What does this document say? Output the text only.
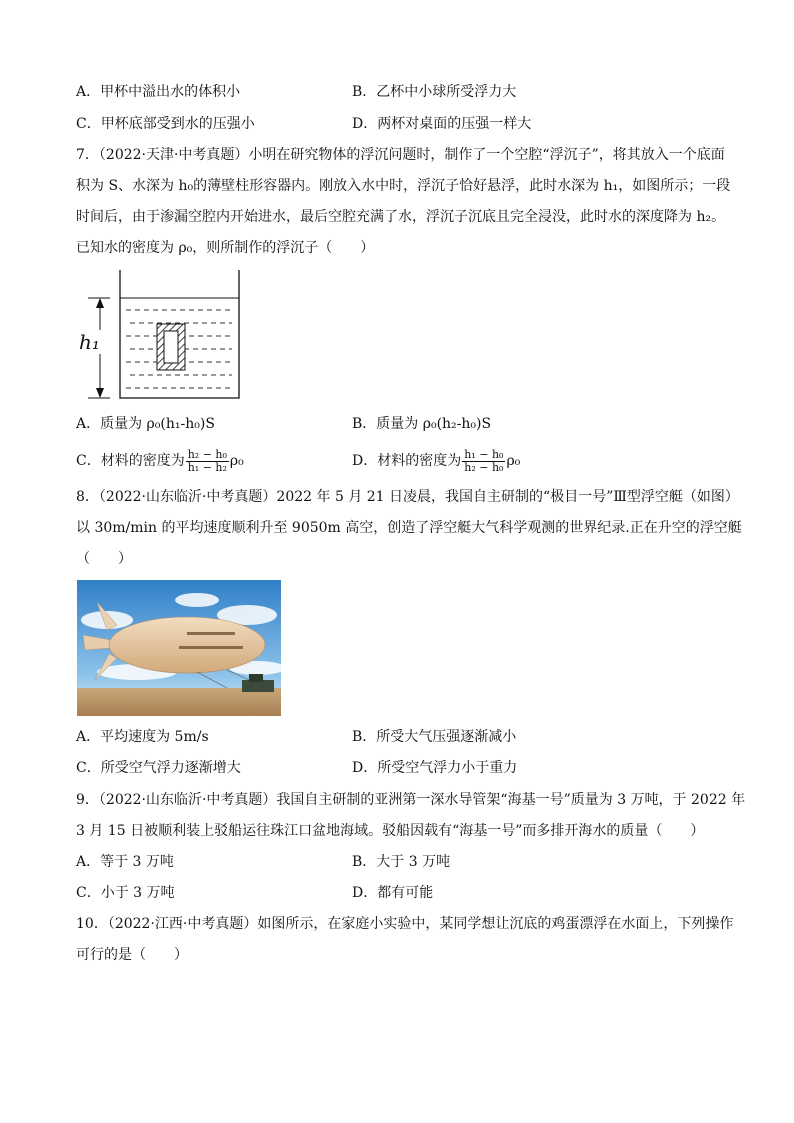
A．甲杯中溢出水的体积小	B．乙杯中小球所受浮力大
C．甲杯底部受到水的压强小	D．两杯对桌面的压强一样大
7．（2022·天津·中考真题）小明在研究物体的浮沉问题时，制作了一个空腔“浮沉子”，将其放入一个底面
积为 S、水深为 h₀的薄壁柱形容器内。刚放入水中时，浮沉子恰好悬浮，此时水深为 h₁，如图所示；一段
时间后，由于渗漏空腔内开始进水，最后空腔充满了水，浮沉子沉底且完全浸没，此时水的深度降为 h₂。
已知水的密度为 ρ₀，则所制作的浮沉子（　　）
h₁
A．质量为 ρ₀(h₁-h₀)S	B．质量为 ρ₀(h₂-h₀)S
C．材料的密度为 $\frac{\text{h₂ − h₀}}{\text{h₁ − h₂}} \rho_0$	D．材料的密度为 $\frac{\text{h₁ − h₀}}{\text{h₂ − h₀}} \rho_0$
8．（2022·山东临沂·中考真题）2022 年 5 月 21 日凌晨，我国自主研制的“极目一号”Ⅲ型浮空艇（如图）
以 30m/min 的平均速度顺利升至 9050m 高空，创造了浮空艇大气科学观测的世界纪录.正在升空的浮空艇
（　　）
A．平均速度为 5m/s	B．所受大气压强逐渐减小
C．所受空气浮力逐渐增大	D．所受空气浮力小于重力
9．（2022·山东临沂·中考真题）我国自主研制的亚洲第一深水导管架“海基一号”质量为 3 万吨，于 2022 年
3 月 15 日被顺利装上驳船运往珠江口盆地海域。驳船因载有“海基一号”而多排开海水的质量（　　）
A．等于 3 万吨	B．大于 3 万吨
C．小于 3 万吨	D．都有可能
10．（2022·江西·中考真题）如图所示，在家庭小实验中，某同学想让沉底的鸡蛋漂浮在水面上，下列操作
可行的是（　　）
